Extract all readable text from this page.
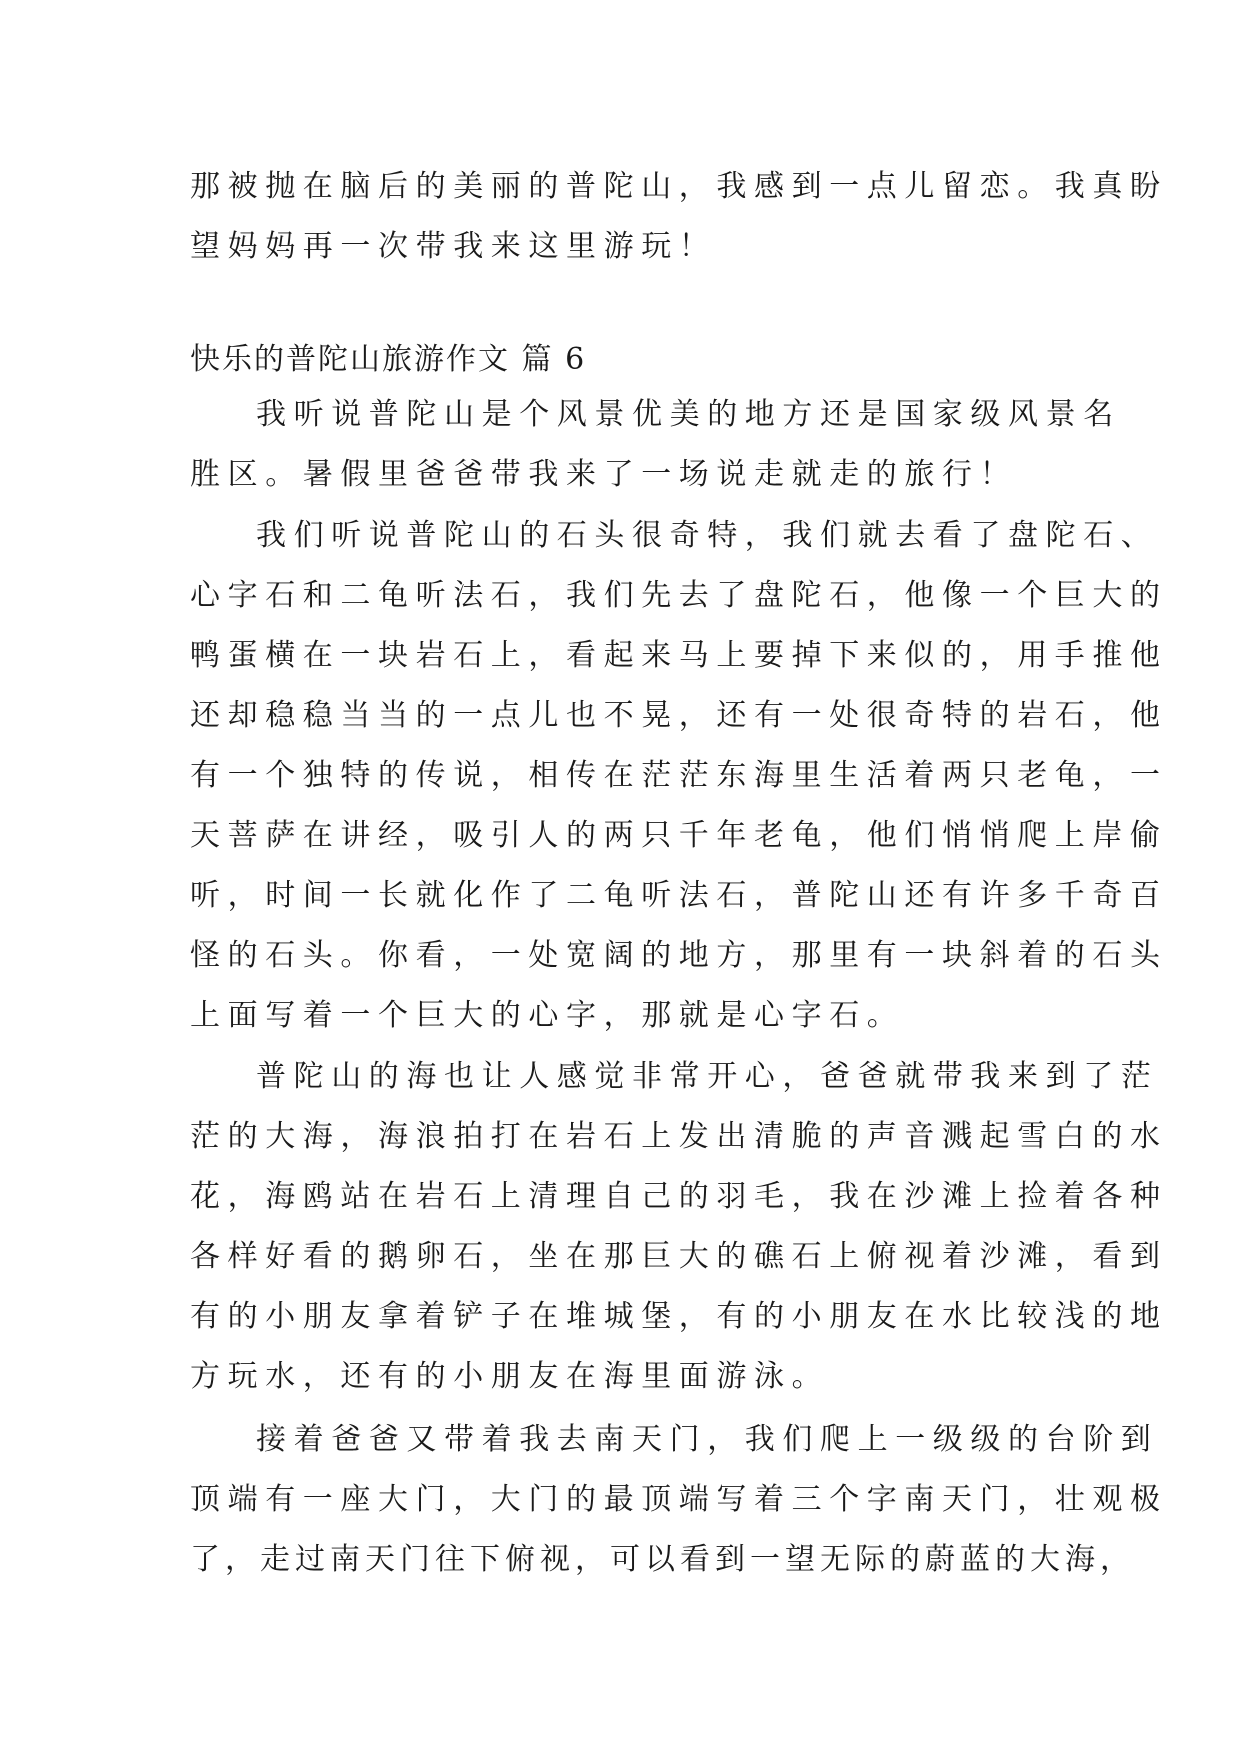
那被抛在脑后的美丽的普陀山，我感到一点儿留恋。我真盼
望妈妈再一次带我来这里游玩！
快乐的普陀山旅游作文 篇 6
我听说普陀山是个风景优美的地方还是国家级风景名
胜区。暑假里爸爸带我来了一场说走就走的旅行！
我们听说普陀山的石头很奇特，我们就去看了盘陀石、
心字石和二龟听法石，我们先去了盘陀石，他像一个巨大的
鸭蛋横在一块岩石上，看起来马上要掉下来似的，用手推他
还却稳稳当当的一点儿也不晃，还有一处很奇特的岩石，他
有一个独特的传说，相传在茫茫东海里生活着两只老龟，一
天菩萨在讲经，吸引人的两只千年老龟，他们悄悄爬上岸偷
听，时间一长就化作了二龟听法石，普陀山还有许多千奇百
怪的石头。你看，一处宽阔的地方，那里有一块斜着的石头
上面写着一个巨大的心字，那就是心字石。
普陀山的海也让人感觉非常开心，爸爸就带我来到了茫
茫的大海，海浪拍打在岩石上发出清脆的声音溅起雪白的水
花，海鸥站在岩石上清理自己的羽毛，我在沙滩上捡着各种
各样好看的鹅卵石，坐在那巨大的礁石上俯视着沙滩，看到
有的小朋友拿着铲子在堆城堡，有的小朋友在水比较浅的地
方玩水，还有的小朋友在海里面游泳。
接着爸爸又带着我去南天门，我们爬上一级级的台阶到
顶端有一座大门，大门的最顶端写着三个字南天门，壮观极
了，走过南天门往下俯视，可以看到一望无际的蔚蓝的大海，
